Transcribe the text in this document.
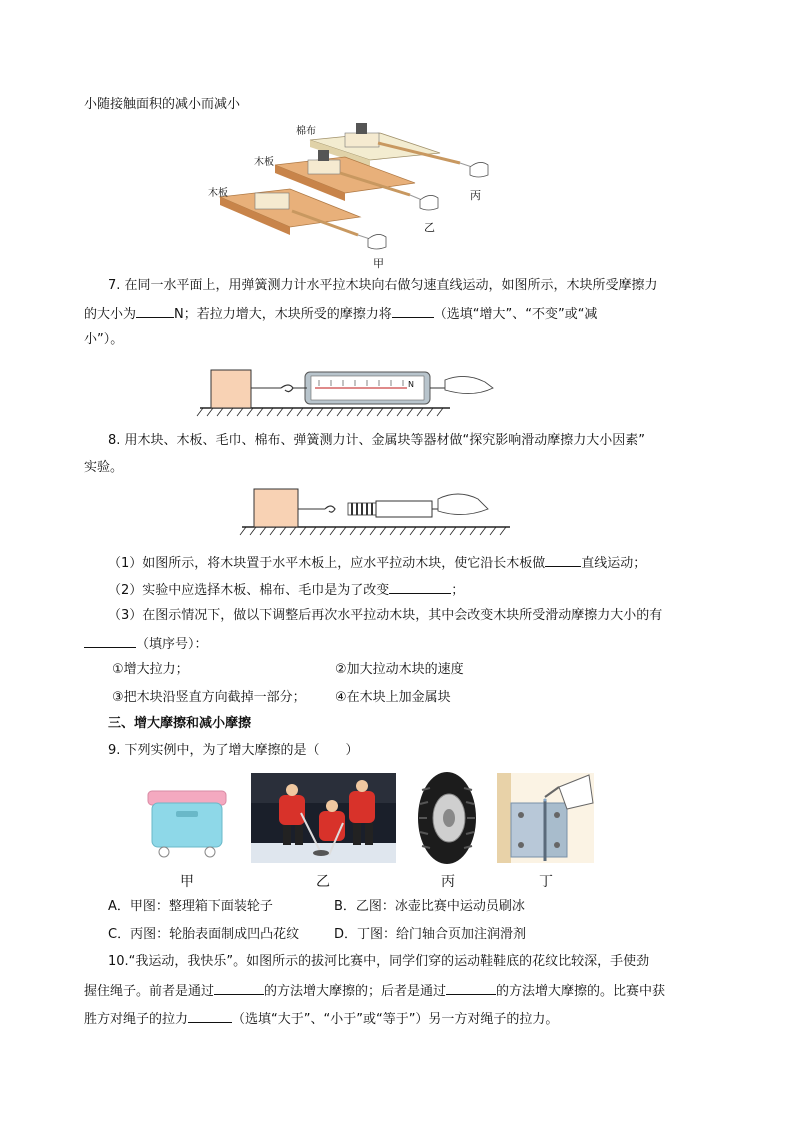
小随接触面积的减小而减小
棉布
木板
木板	丙
乙
甲
7. 在同一水平面上，用弹簧测力计水平拉木块向右做匀速直线运动，如图所示，木块所受摩擦力
的大小为	N；若拉力增大，木块所受的摩擦力将	（选填“增大”、“不变”或“减
小”）。
N
8. 用木块、木板、毛巾、棉布、弹簧测力计、金属块等器材做“探究影响滑动摩擦力大小因素”
实验。
（1）如图所示，将木块置于水平木板上，应水平拉动木块，使它沿长木板做	直线运动；
（2）实验中应选择木板、棉布、毛巾是为了改变	；
（3）在图示情况下，做以下调整后再次水平拉动木块，其中会改变木块所受滑动摩擦力大小的有
（填序号）：
①增大拉力；	②加大拉动木块的速度
③把木块沿竖直方向截掉一部分； ④在木块上加金属块
三、增大摩擦和减小摩擦
9. 下列实例中，为了增大摩擦的是（　　）
甲	乙	丙	丁
A．甲图：整理箱下面装轮子	B．乙图：冰壶比赛中运动员刷冰
C．丙图：轮胎表面制成凹凸花纹	D．丁图：给门轴合页加注润滑剂
10.“我运动，我快乐”。如图所示的拔河比赛中，同学们穿的运动鞋鞋底的花纹比较深，手使劲
握住绳子。前者是通过	的方法增大摩擦的；后者是通过	的方法增大摩擦的。比赛中获
胜方对绳子的拉力	（选填“大于”、“小于”或“等于”）另一方对绳子的拉力。
